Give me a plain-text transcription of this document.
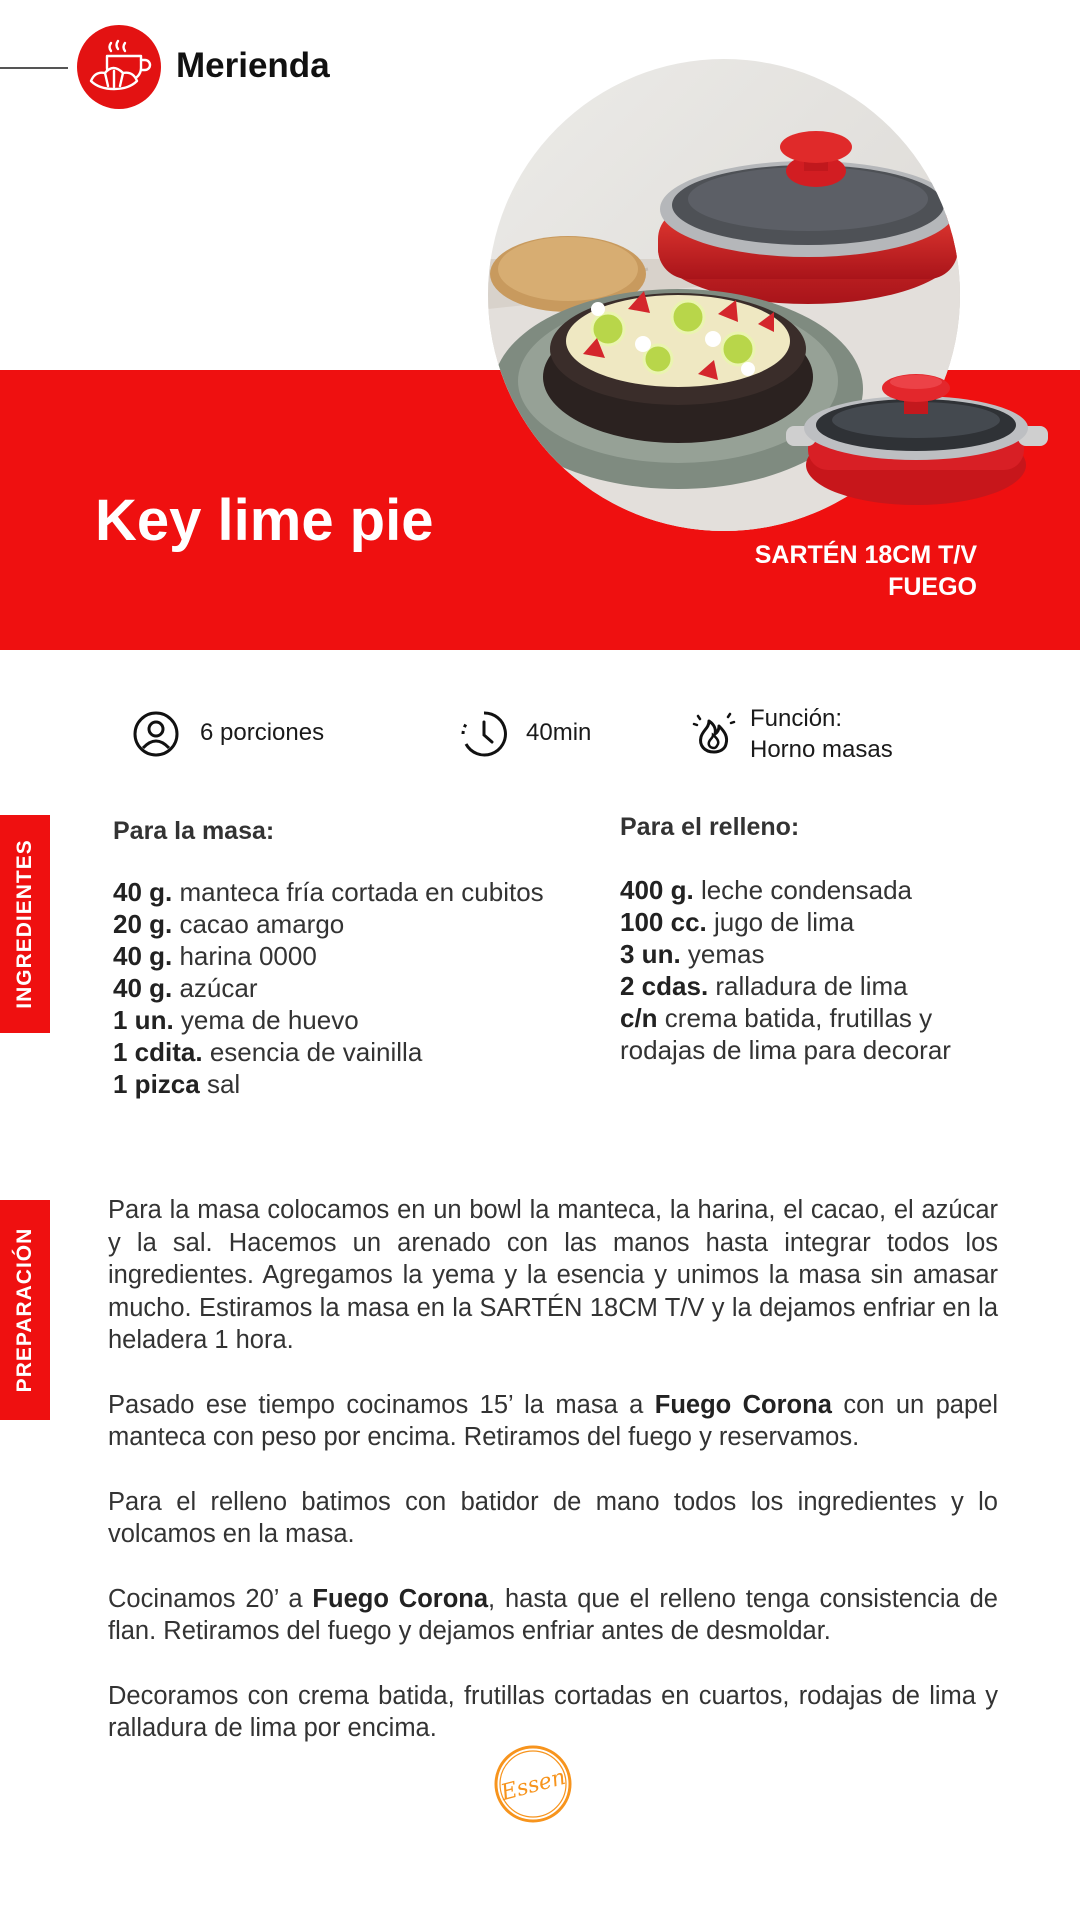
Merienda
Key lime pie
SARTÉN 18CM T/V
FUEGO
6 porciones	40min
Función:
Horno masas
INGREDIENTES
PREPARACIÓN
Para la masa:
40 g. manteca fría cortada en cubitos
20 g. cacao amargo
40 g. harina 0000
40 g. azúcar
1 un. yema de huevo
1 cdita. esencia de vainilla
1 pizca sal
Para el relleno:
400 g. leche condensada
100 cc. jugo de lima
3 un. yemas
2 cdas. ralladura de lima
c/n crema batida, frutillas y rodajas de lima para decorar

Para la masa colocamos en un bowl la manteca, la harina, el cacao, el azúcar y la sal. Hacemos un arenado con las manos hasta integrar todos los ingredientes. Agregamos la yema y la esencia y unimos la masa sin amasar mucho. Estiramos la masa en la SARTÉN 18CM T/V y la dejamos enfriar en la heladera 1 hora.

Pasado ese tiempo cocinamos 15’ la masa a Fuego Corona con un papel manteca con peso por encima. Retiramos del fuego y reservamos.

Para el relleno batimos con batidor de mano todos los ingredientes y lo volcamos en la masa.

Cocinamos 20’ a Fuego Corona, hasta que el relleno tenga consistencia de flan. Retiramos del fuego y dejamos enfriar antes de desmoldar.

Decoramos con crema batida, frutillas cortadas en cuartos, rodajas de lima y ralladura de lima por encima.

Essen
